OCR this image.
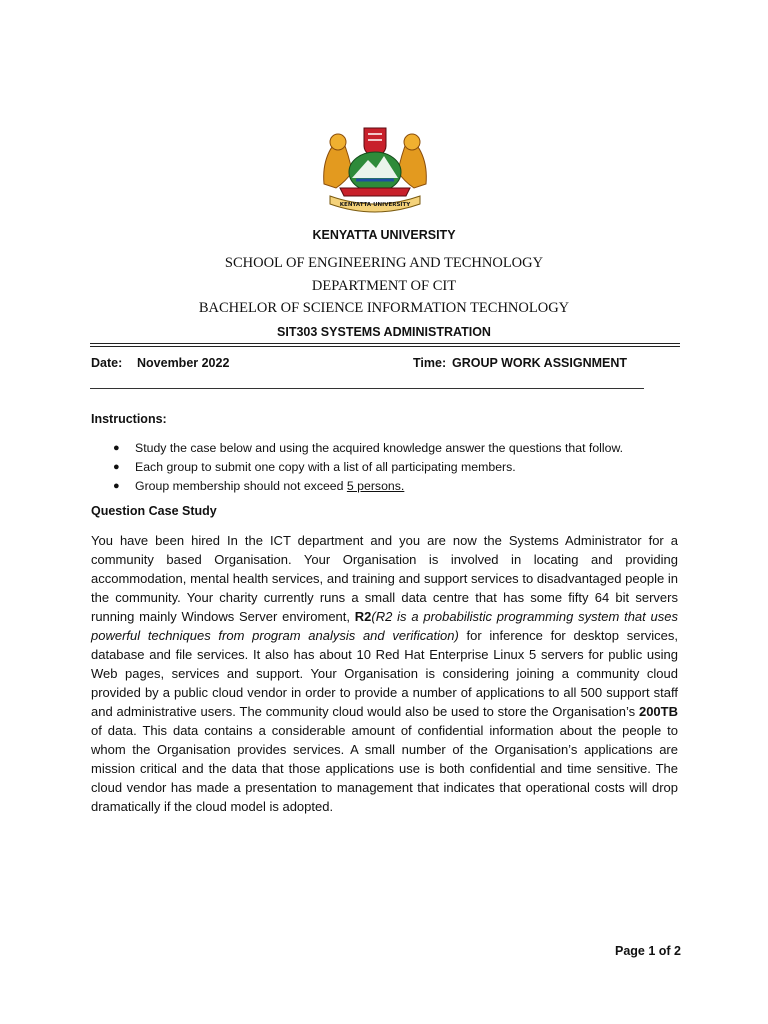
KENYATTA UNIVERSITY
KENYATTA UNIVERSITY
SCHOOL OF ENGINEERING AND TECHNOLOGY
DEPARTMENT OF CIT
BACHELOR OF SCIENCE INFORMATION TECHNOLOGY
SIT303 SYSTEMS ADMINISTRATION
Date: November 2022	Time: GROUP WORK ASSIGNMENT
Instructions:
● Study the case below and using the acquired knowledge answer the questions that follow.
● Each group to submit one copy with a list of all participating members.
● Group membership should not exceed 5 persons.
Question Case Study

You have been hired In the ICT department and you are now the Systems Administrator for a community based Organisation. Your Organisation is involved in locating and providing accommodation, mental health services, and training and support services to disadvantaged people in the community. Your charity currently runs a small data centre that has some fifty 64 bit servers running mainly Windows Server enviroment, R2(R2 is a probabilistic programming system that uses powerful techniques from program analysis and verification) for inference for desktop services, database and file services. It also has about 10 Red Hat Enterprise Linux 5 servers for public using Web pages, services and support. Your Organisation is considering joining a community cloud provided by a public cloud vendor in order to provide a number of applications to all 500 support staff and administrative users. The community cloud would also be used to store the Organisation’s 200TB of data. This data contains a considerable amount of confidential information about the people to whom the Organisation provides services. A small number of the Organisation’s applications are mission critical and the data that those applications use is both confidential and time sensitive. The cloud vendor has made a presentation to management that indicates that operational costs will drop dramatically if the cloud model is adopted.

Page 1 of 2
